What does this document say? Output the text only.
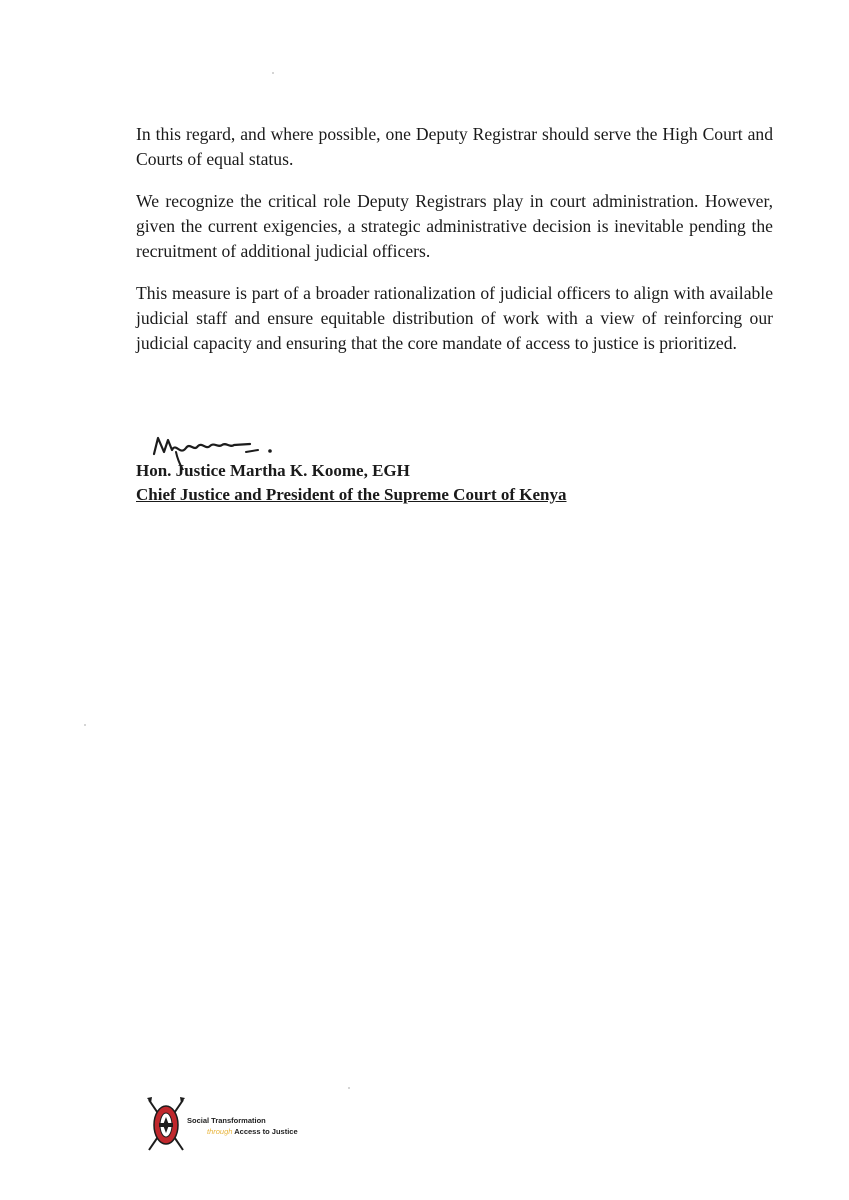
In this regard, and where possible, one Deputy Registrar should serve the High Court and Courts of equal status.

We recognize the critical role Deputy Registrars play in court administration. However, given the current exigencies, a strategic administrative decision is inevitable pending the recruitment of additional judicial officers.

This measure is part of a broader rationalization of judicial officers to align with available judicial staff and ensure equitable distribution of work with a view of reinforcing our judicial capacity and ensuring that the core mandate of access to justice is prioritized.

Hon. Justice Martha K. Koome, EGH
Chief Justice and President of the Supreme Court of Kenya
Social Transformation
through Access to Justice
